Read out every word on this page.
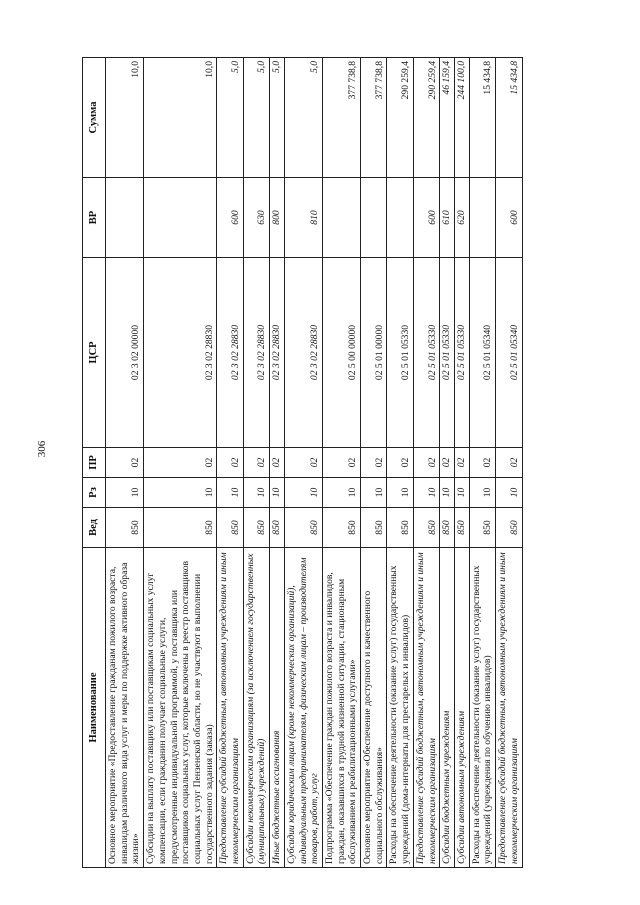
306
Наименование	Вед	Рз	ПР	ЦСР	ВР	Сумма
Основное мероприятие «Предоставление гражданам пожилого возраста, инвалидам различного вида услуг и меры по поддержке активного образа жизни»	850	10	02	02 3 02 00000		10,0
Субсидии на выплату поставщику или поставщикам социальных услуг компенсации, если гражданин получает социальные услуги, предусмотренные индивидуальной программой, у поставщика или поставщиков социальных услуг, которые включены в реестр поставщиков социальных услуг Пензенской области, но не участвуют в выполнении государственного задания (заказа)	850	10	02	02 3 02 28830		10,0
Предоставление субсидий бюджетным, автономным учреждениям и иным некоммерческим организациям	850	10	02	02 3 02 28830	600	5,0
Субсидии некоммерческим организациям (за исключением государственных (муниципальных) учреждений)	850	10	02	02 3 02 28830	630	5,0
Иные бюджетные ассигнования	850	10	02	02 3 02 28830	800	5,0
Субсидии юридическим лицам (кроме некоммерческих организаций), индивидуальным предпринимателям, физическим лицам – производителям товаров, работ, услуг	850	10	02	02 3 02 28830	810	5,0
Подпрограмма «Обеспечение граждан пожилого возраста и инвалидов, граждан, оказавшихся в трудной жизненной ситуации, стационарным обслуживанием и реабилитационными услугами»	850	10	02	02 5 00 00000		377 738,8
Основное мероприятие «Обеспечение доступного и качественного социального обслуживания»	850	10	02	02 5 01 00000		377 738,8
Расходы на обеспечение деятельности (оказание услуг) государственных учреждений (дома-интернаты для престарелых и инвалидов)	850	10	02	02 5 01 05330		290 259,4
Предоставление субсидий бюджетным, автономным учреждениям и иным некоммерческим организациям	850	10	02	02 5 01 05330	600	290 259,4
Субсидии бюджетным учреждениям	850	10	02	02 5 01 05330	610	46 159,4
Субсидии автономным учреждениям	850	10	02	02 5 01 05330	620	244 100,0
Расходы на обеспечение деятельности (оказание услуг) государственных учреждений (учреждения по обучению инвалидов)	850	10	02	02 5 01 05340		15 434,8
Предоставление субсидий бюджетным, автономным учреждениям и иным некоммерческим организациям	850	10	02	02 5 01 05340	600	15 434,8
